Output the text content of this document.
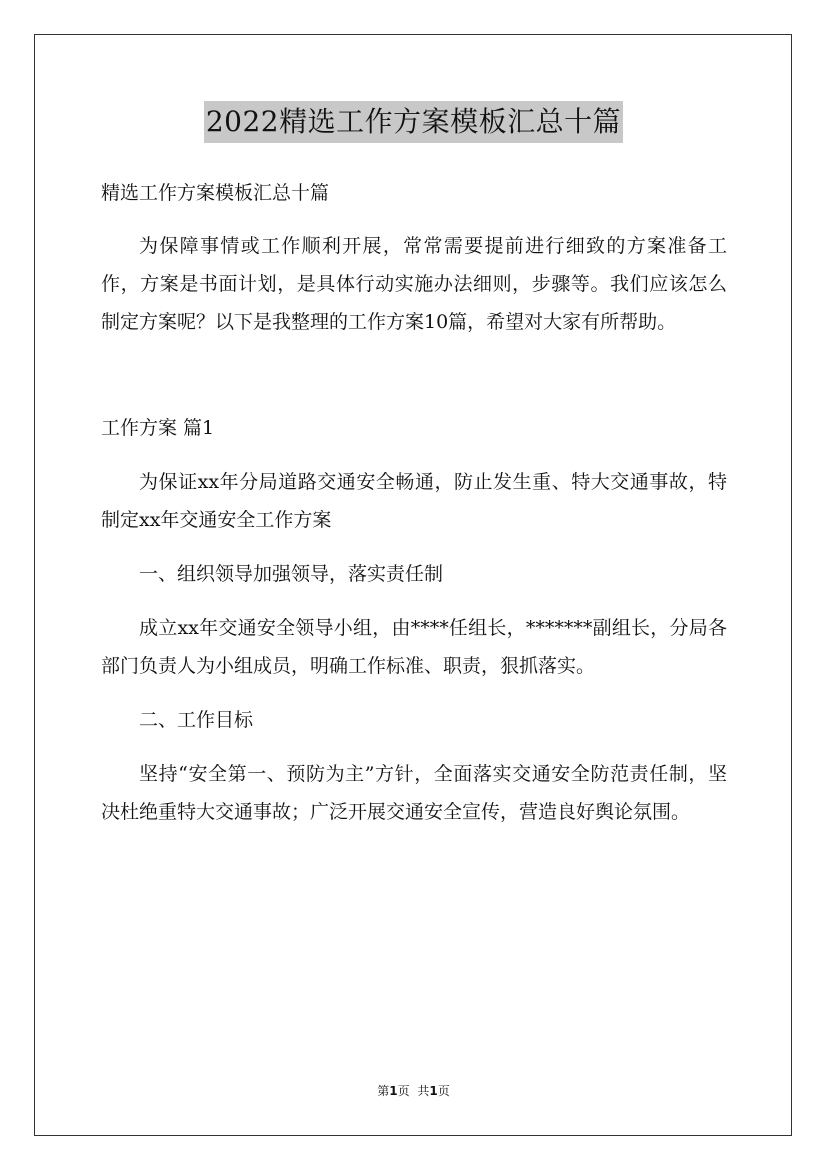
2022精选工作方案模板汇总十篇

精选工作方案模板汇总十篇

为保障事情或工作顺利开展，常常需要提前进行细致的方案准备工作，方案是书面计划，是具体行动实施办法细则，步骤等。我们应该怎么制定方案呢？以下是我整理的工作方案10篇，希望对大家有所帮助。

工作方案 篇1

为保证xx年分局道路交通安全畅通，防止发生重、特大交通事故，特制定xx年交通安全工作方案

一、组织领导加强领导，落实责任制

成立xx年交通安全领导小组，由****任组长，*******副组长，分局各部门负责人为小组成员，明确工作标准、职责，狠抓落实。

二、工作目标

坚持“安全第一、预防为主”方针，全面落实交通安全防范责任制，坚决杜绝重特大交通事故；广泛开展交通安全宣传，营造良好舆论氛围。

第1页 共1页
